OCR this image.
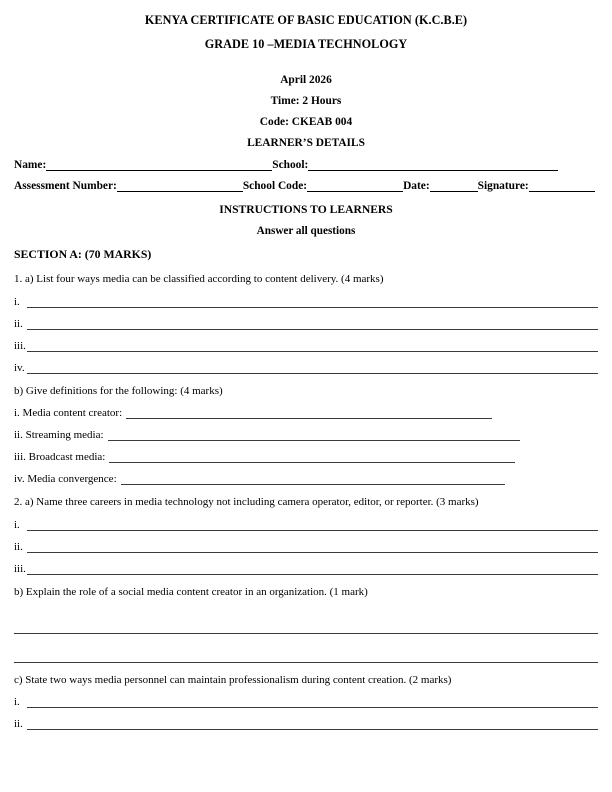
KENYA CERTIFICATE OF BASIC EDUCATION (K.C.B.E)
GRADE 10 –MEDIA TECHNOLOGY
April 2026
Time: 2 Hours
Code: CKEAB 004
LEARNER’S DETAILS
Name:	School:
Assessment Number:	School Code:	Date:	Signature:
INSTRUCTIONS TO LEARNERS
Answer all questions
SECTION A: (70 MARKS)
1. a) List four ways media can be classified according to content delivery. (4 marks)
i.
ii.
iii.
iv.
b) Give definitions for the following: (4 marks)
i. Media content creator:
ii. Streaming media:
iii. Broadcast media:
iv. Media convergence:
2. a) Name three careers in media technology not including camera operator, editor, or reporter. (3 marks)
i.
ii.
iii.
b) Explain the role of a social media content creator in an organization. (1 mark)
c) State two ways media personnel can maintain professionalism during content creation. (2 marks)
i.
ii.
